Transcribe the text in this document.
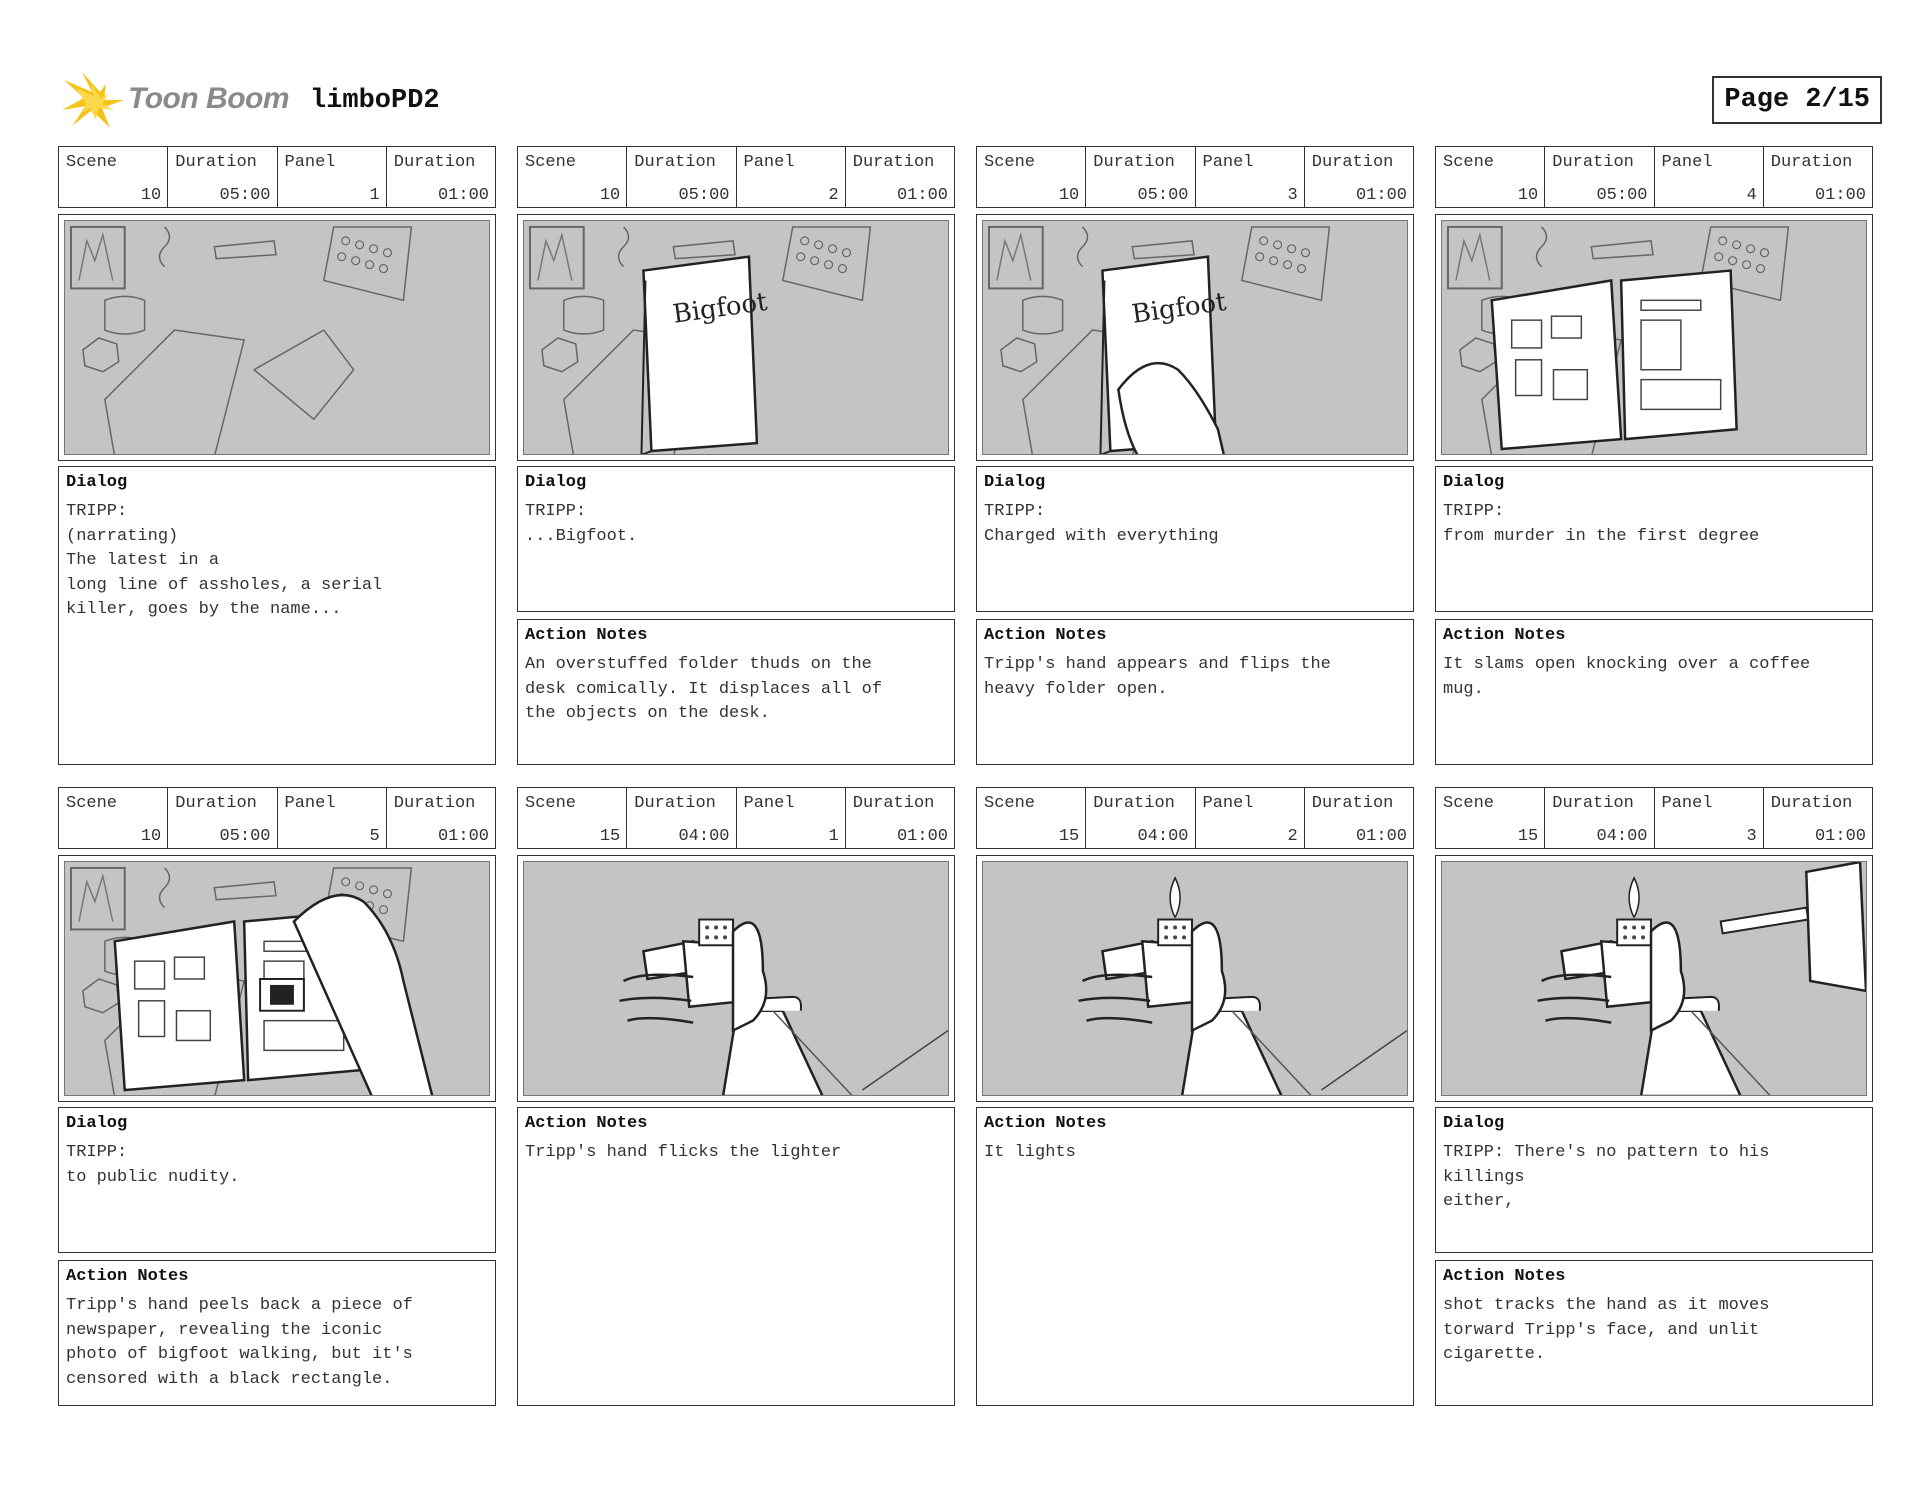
Toon Boom limboPD2	Page 2/15
Scene
10
Duration
05:00
Panel
1
Duration
01:00
Dialog
TRIPP:
(narrating)
The latest in a
long line of assholes, a serial
killer, goes by the name...
Scene
10
Duration
05:00
Panel
2
Duration
01:00
Bigfoot
Dialog
TRIPP:
...Bigfoot.
Action Notes
An overstuffed folder thuds on the
desk comically. It displaces all of
the objects on the desk.
Scene
10
Duration
05:00
Panel
3
Duration
01:00
Bigfoot
Dialog
TRIPP:
Charged with everything
Action Notes
Tripp's hand appears and flips the
heavy folder open.
Scene
10
Duration
05:00
Panel
4
Duration
01:00
Dialog
TRIPP:
from murder in the first degree
Action Notes
It slams open knocking over a coffee
mug.
Scene
10
Duration
05:00
Panel
5
Duration
01:00
Dialog
TRIPP:
to public nudity.
Action Notes
Tripp's hand peels back a piece of
newspaper, revealing the iconic
photo of bigfoot walking, but it's
censored with a black rectangle.
Scene
15
Duration
04:00
Panel
1
Duration
01:00
Action Notes
Tripp's hand flicks the lighter
Scene
15
Duration
04:00
Panel
2
Duration
01:00
Action Notes
It lights
Scene
15
Duration
04:00
Panel
3
Duration
01:00
Dialog
TRIPP: There's no pattern to his
killings
either,
Action Notes
shot tracks the hand as it moves
torward Tripp's face, and unlit
cigarette.
